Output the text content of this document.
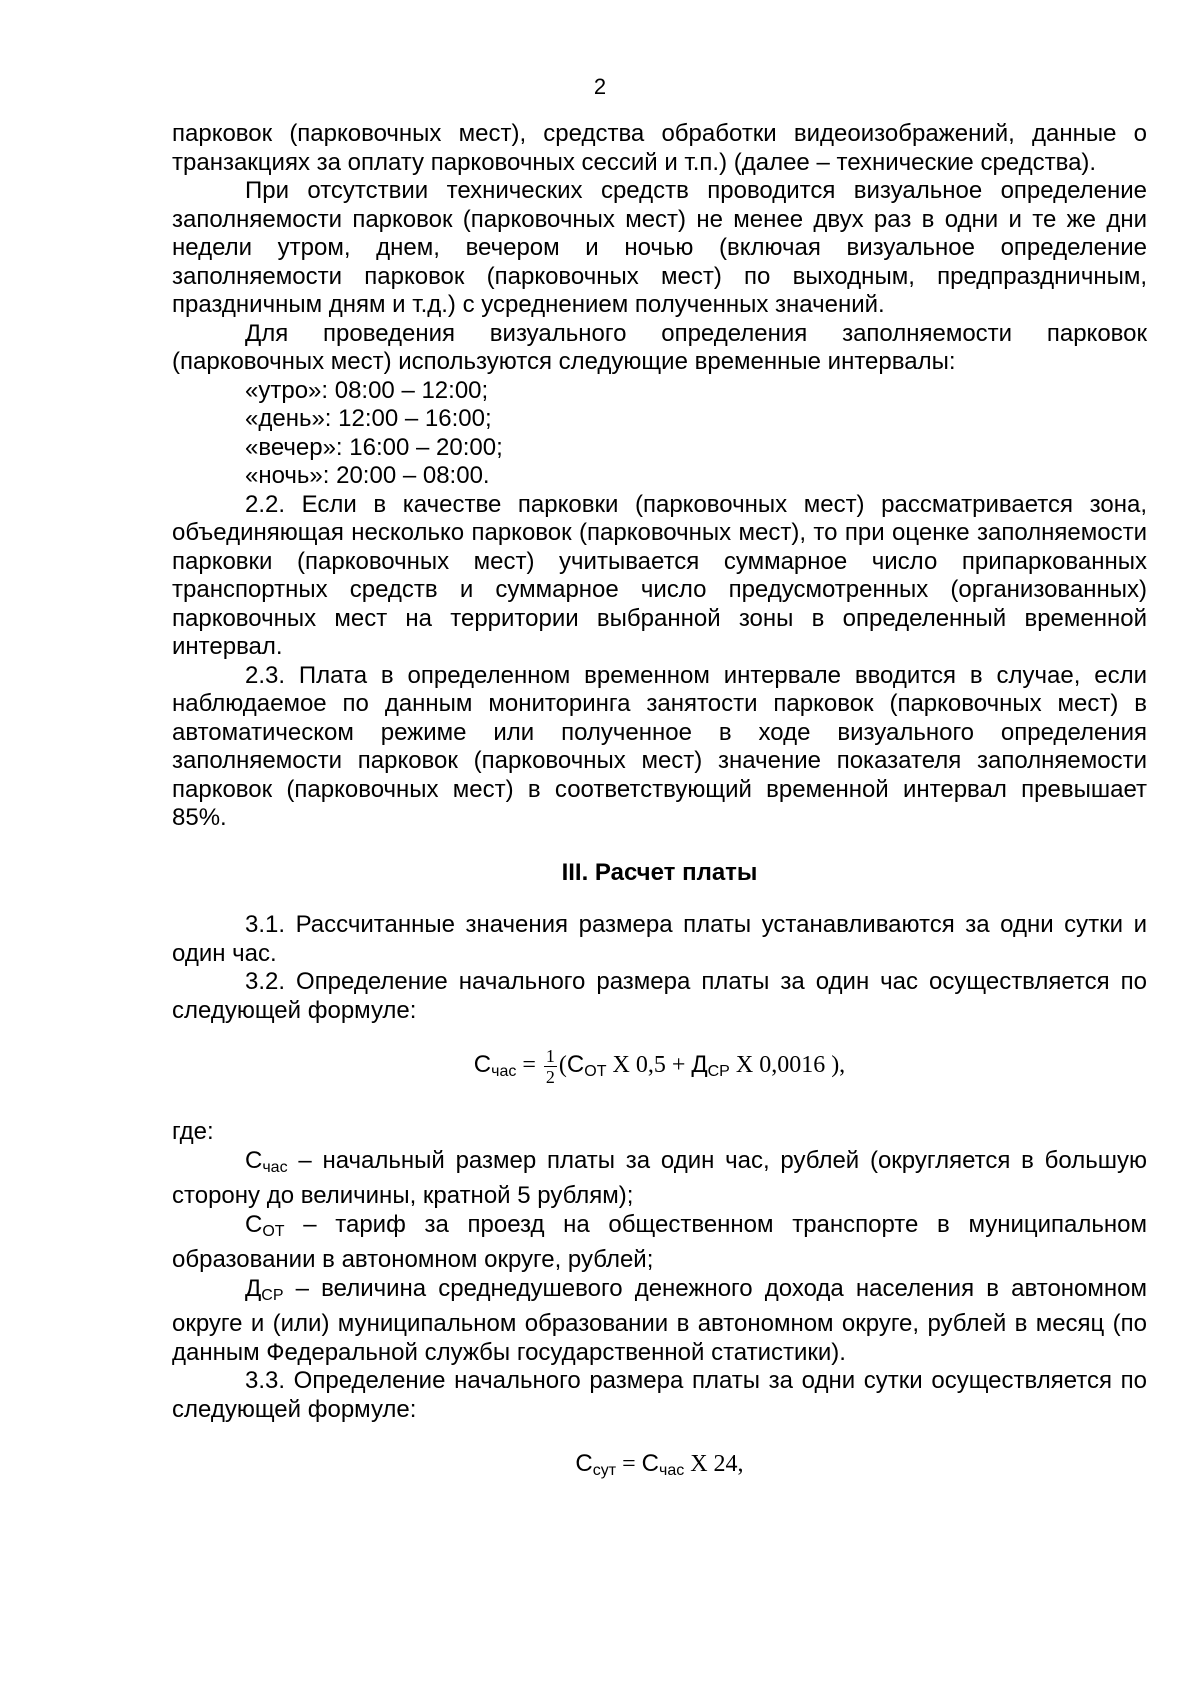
2

парковок (парковочных мест), средства обработки видеоизображений, данные о транзакциях за оплату парковочных сессий и т.п.) (далее – технические средства).

При отсутствии технических средств проводится визуальное определение заполняемости парковок (парковочных мест) не менее двух раз в одни и те же дни недели утром, днем, вечером и ночью (включая визуальное определение заполняемости парковок (парковочных мест) по выходным, предпраздничным, праздничным дням и т.д.) с усреднением полученных значений.

Для проведения визуального определения заполняемости парковок (парковочных мест) используются следующие временные интервалы:

«утро»: 08:00 – 12:00;

«день»: 12:00 – 16:00;

«вечер»: 16:00 – 20:00;

«ночь»: 20:00 – 08:00.

2.2. Если в качестве парковки (парковочных мест) рассматривается зона, объединяющая несколько парковок (парковочных мест), то при оценке заполняемости парковки (парковочных мест) учитывается суммарное число припаркованных транспортных средств и суммарное число предусмотренных (организованных) парковочных мест на территории выбранной зоны в определенный временной интервал.

2.3. Плата в определенном временном интервале вводится в случае, если наблюдаемое по данным мониторинга занятости парковок (парковочных мест) в автоматическом режиме или полученное в ходе визуального определения заполняемости парковок (парковочных мест) значение показателя заполняемости парковок (парковочных мест) в соответствующий временной интервал превышает 85%.

III. Расчет платы

3.1. Рассчитанные значения размера платы устанавливаются за одни сутки и один час.

3.2. Определение начального размера платы за один час осуществляется по следующей формуле:

$С_{час} = \frac{1}{2} (С_{ОТ}$ X $0,5 + Д_{СР}$ X 0,0016 ),

где:

$С_{час}$ – начальный размер платы за один час, рублей (округляется в большую сторону до величины, кратной 5 рублям);

$С_{ОТ}$ – тариф за проезд на общественном транспорте в муниципальном образовании в автономном округе, рублей;

$Д_{СР}$ – величина среднедушевого денежного дохода населения в автономном округе и (или) муниципальном образовании в автономном округе, рублей в месяц (по данным Федеральной службы государственной статистики).

3.3. Определение начального размера платы за одни сутки осуществляется по следующей формуле:

$С_{сут} = С_{час}$ X 24,
